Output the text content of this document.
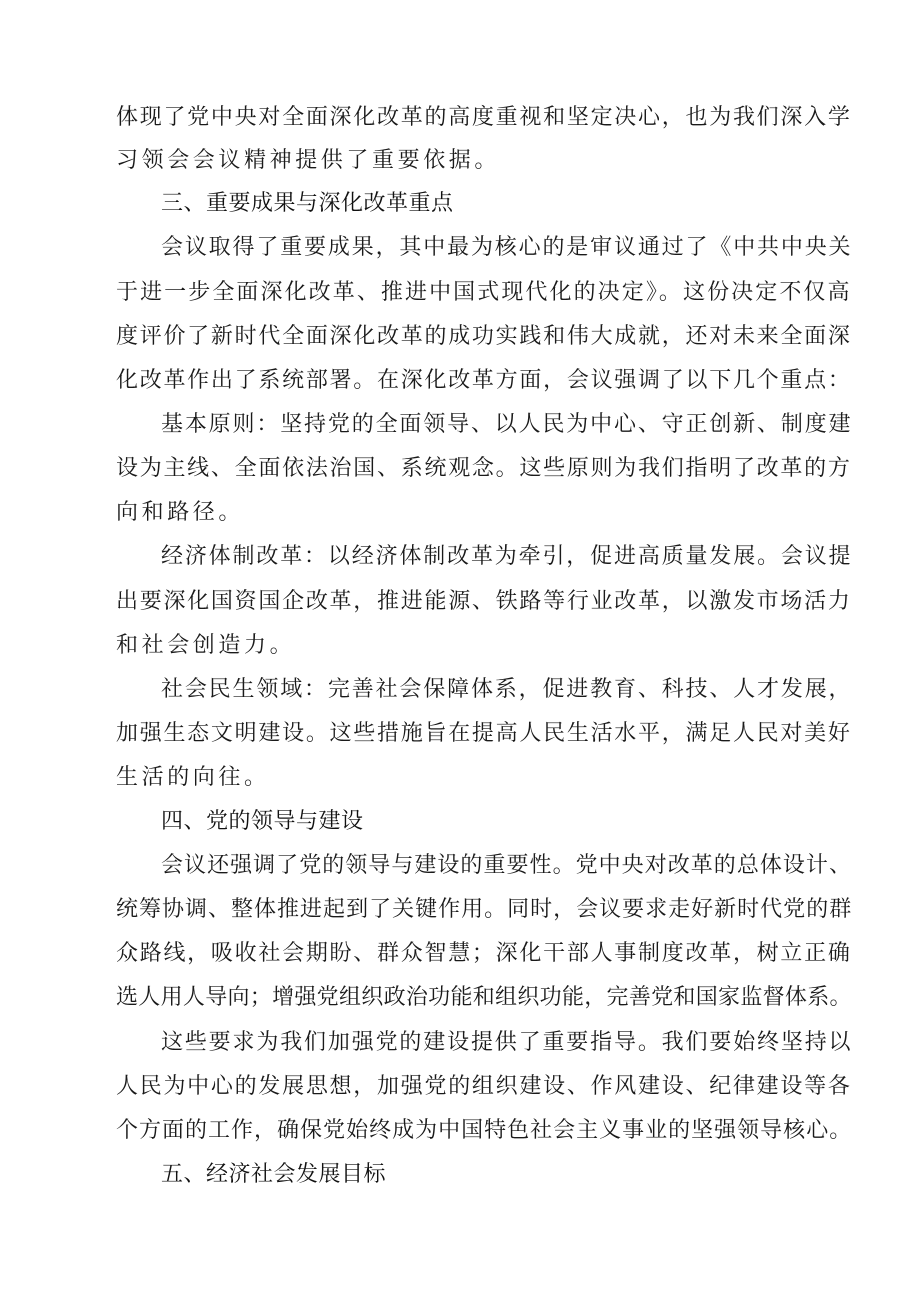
体现了党中央对全面深化改革的高度重视和坚定决心，也为我们深入学
习领会会议精神提供了重要依据。
三、重要成果与深化改革重点
会议取得了重要成果，其中最为核心的是审议通过了《中共中央关
于进一步全面深化改革、推进中国式现代化的决定》。这份决定不仅高
度评价了新时代全面深化改革的成功实践和伟大成就，还对未来全面深
化改革作出了系统部署。在深化改革方面，会议强调了以下几个重点：
基本原则：坚持党的全面领导、以人民为中心、守正创新、制度建
设为主线、全面依法治国、系统观念。这些原则为我们指明了改革的方
向和路径。
经济体制改革：以经济体制改革为牵引，促进高质量发展。会议提
出要深化国资国企改革，推进能源、铁路等行业改革，以激发市场活力
和社会创造力。
社会民生领域：完善社会保障体系，促进教育、科技、人才发展，
加强生态文明建设。这些措施旨在提高人民生活水平，满足人民对美好
生活的向往。
四、党的领导与建设
会议还强调了党的领导与建设的重要性。党中央对改革的总体设计、
统筹协调、整体推进起到了关键作用。同时，会议要求走好新时代党的群
众路线，吸收社会期盼、群众智慧；深化干部人事制度改革，树立正确
选人用人导向；增强党组织政治功能和组织功能，完善党和国家监督体系。
这些要求为我们加强党的建设提供了重要指导。我们要始终坚持以
人民为中心的发展思想，加强党的组织建设、作风建设、纪律建设等各
个方面的工作，确保党始终成为中国特色社会主义事业的坚强领导核心。
五、经济社会发展目标
